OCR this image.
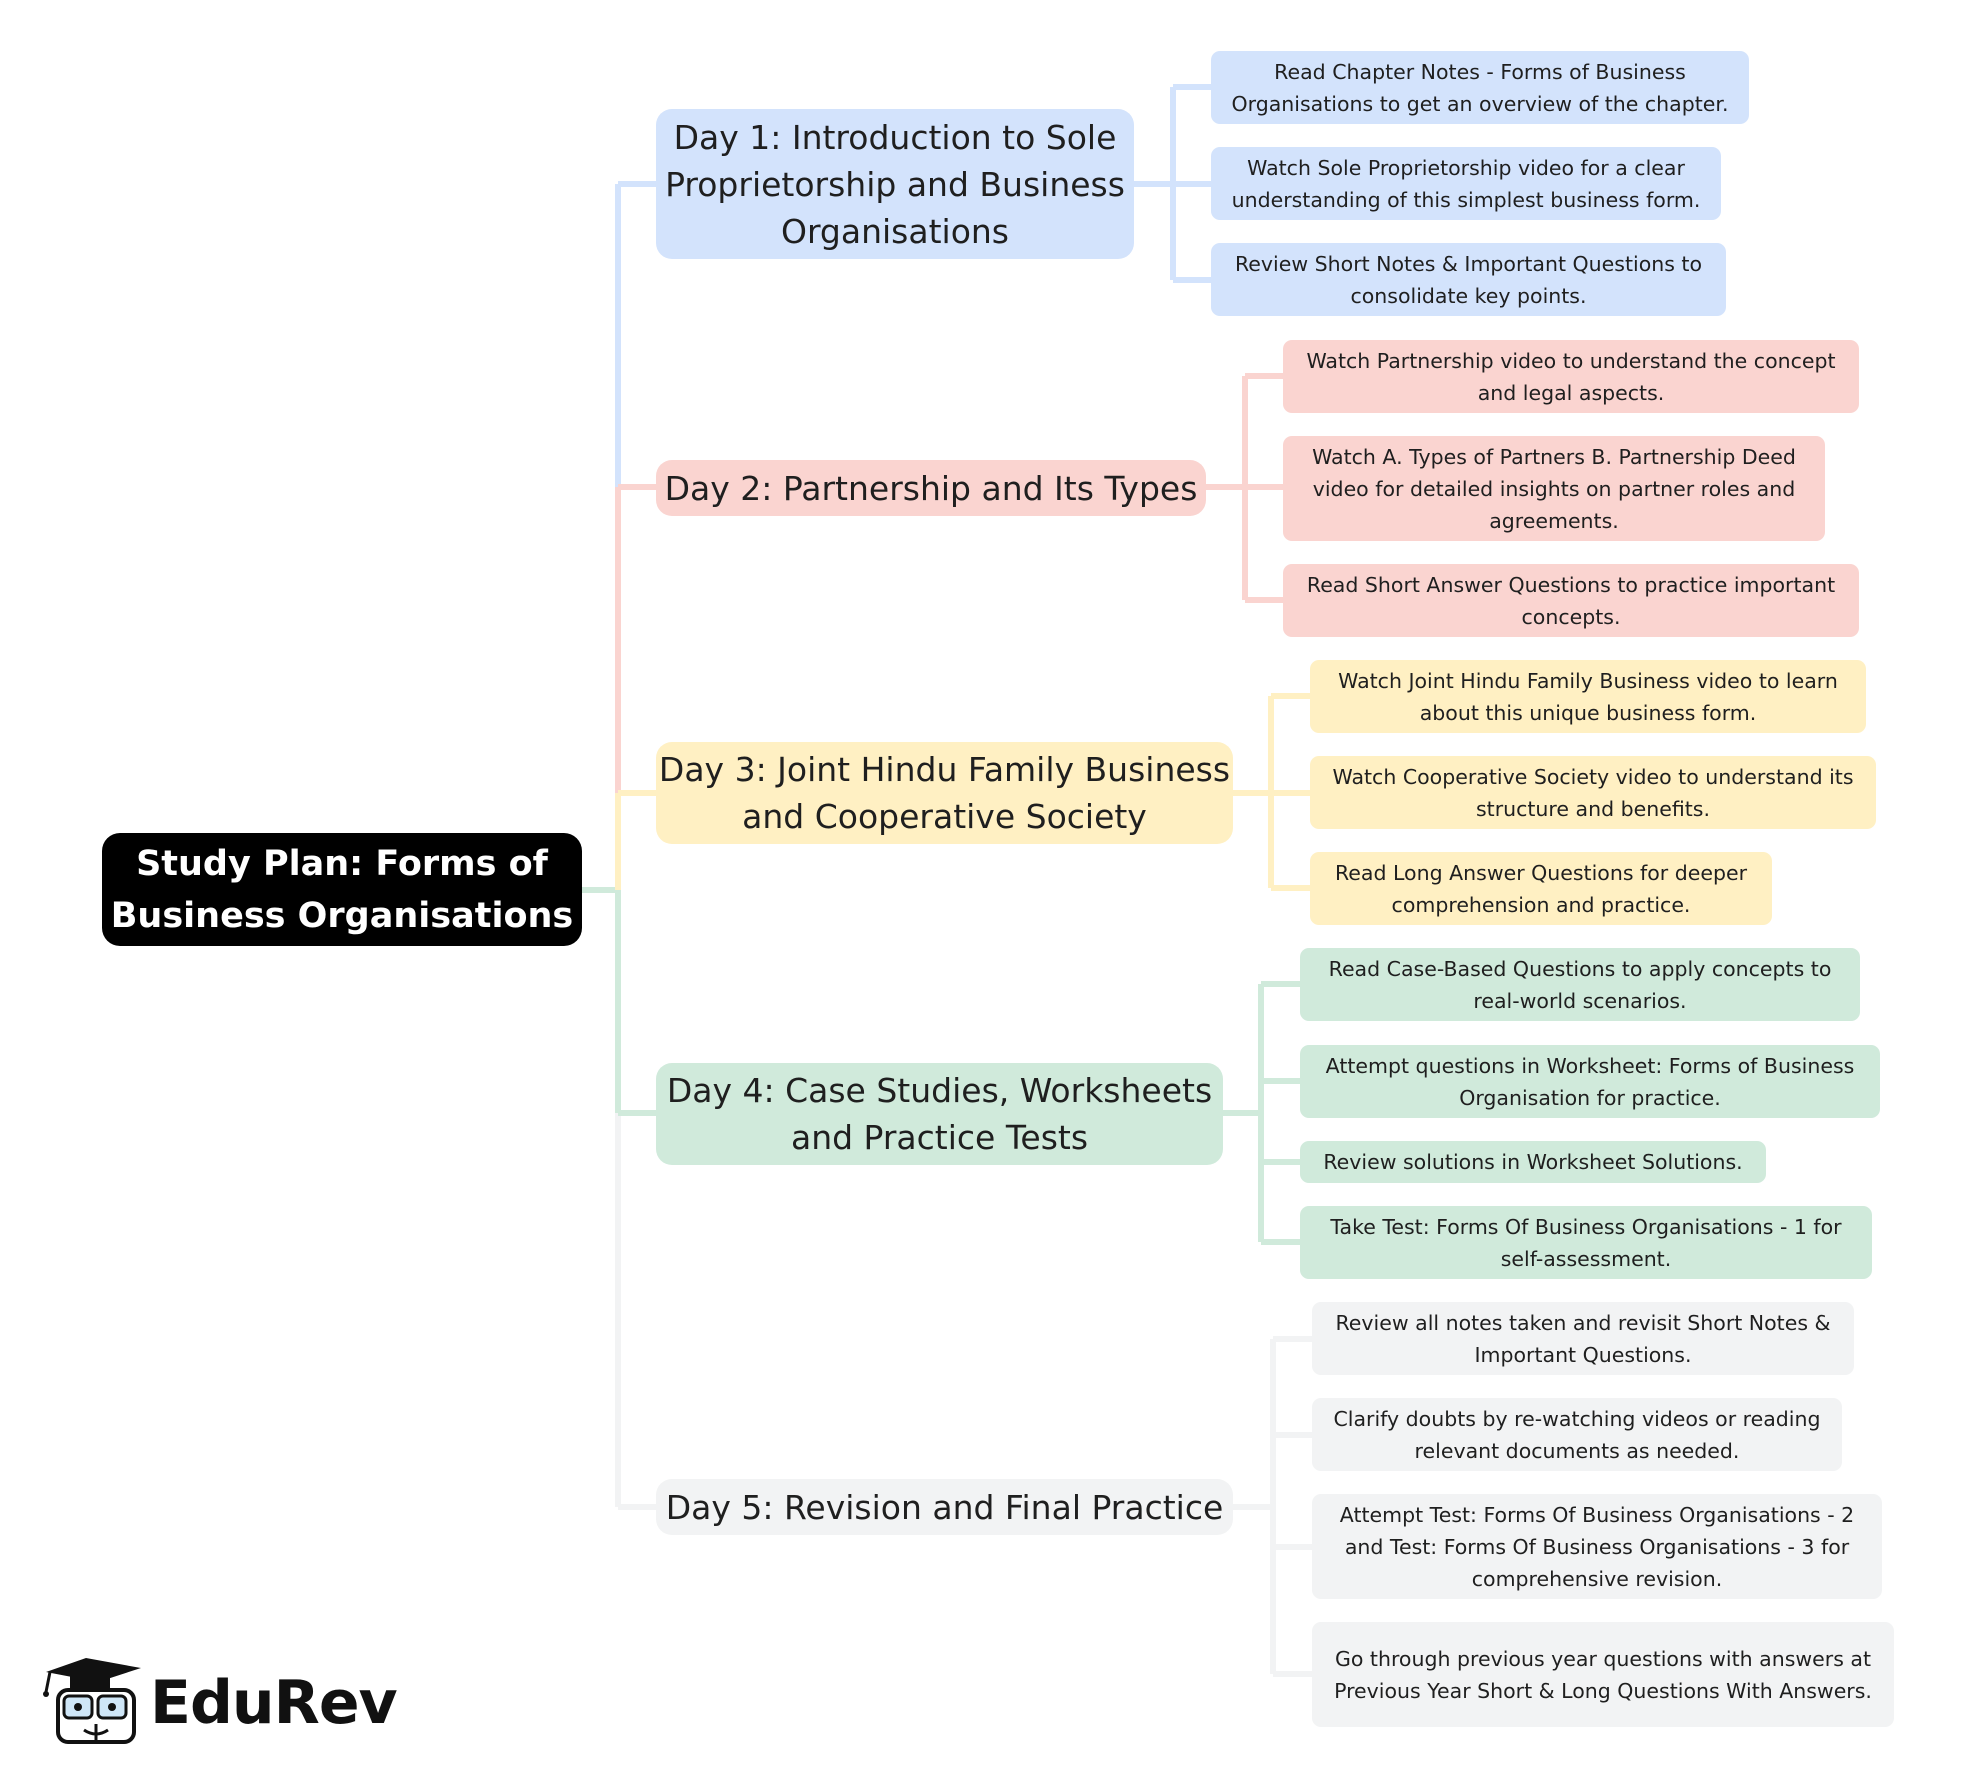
Study Plan: Forms of Business Organisations
Day 1: Introduction to Sole Proprietorship and Business Organisations
Read Chapter Notes - Forms of Business Organisations to get an overview of the chapter.
Watch Sole Proprietorship video for a clear understanding of this simplest business form.
Review Short Notes & Important Questions to consolidate key points.
Day 2: Partnership and Its Types
Watch Partnership video to understand the concept and legal aspects.
Watch A. Types of Partners B. Partnership Deed video for detailed insights on partner roles and agreements.
Read Short Answer Questions to practice important concepts.
Day 3: Joint Hindu Family Business and Cooperative Society
Watch Joint Hindu Family Business video to learn about this unique business form.
Watch Cooperative Society video to understand its structure and benefits.
Read Long Answer Questions for deeper comprehension and practice.
Day 4: Case Studies, Worksheets and Practice Tests
Read Case-Based Questions to apply concepts to real-world scenarios.
Attempt questions in Worksheet: Forms of Business Organisation for practice.
Review solutions in Worksheet Solutions.
Take Test: Forms Of Business Organisations - 1 for self-assessment.
Day 5: Revision and Final Practice
Review all notes taken and revisit Short Notes & Important Questions.
Clarify doubts by re-watching videos or reading relevant documents as needed.
Attempt Test: Forms Of Business Organisations - 2 and Test: Forms Of Business Organisations - 3 for comprehensive revision.
Go through previous year questions with answers at Previous Year Short & Long Questions With Answers.
EduRev
